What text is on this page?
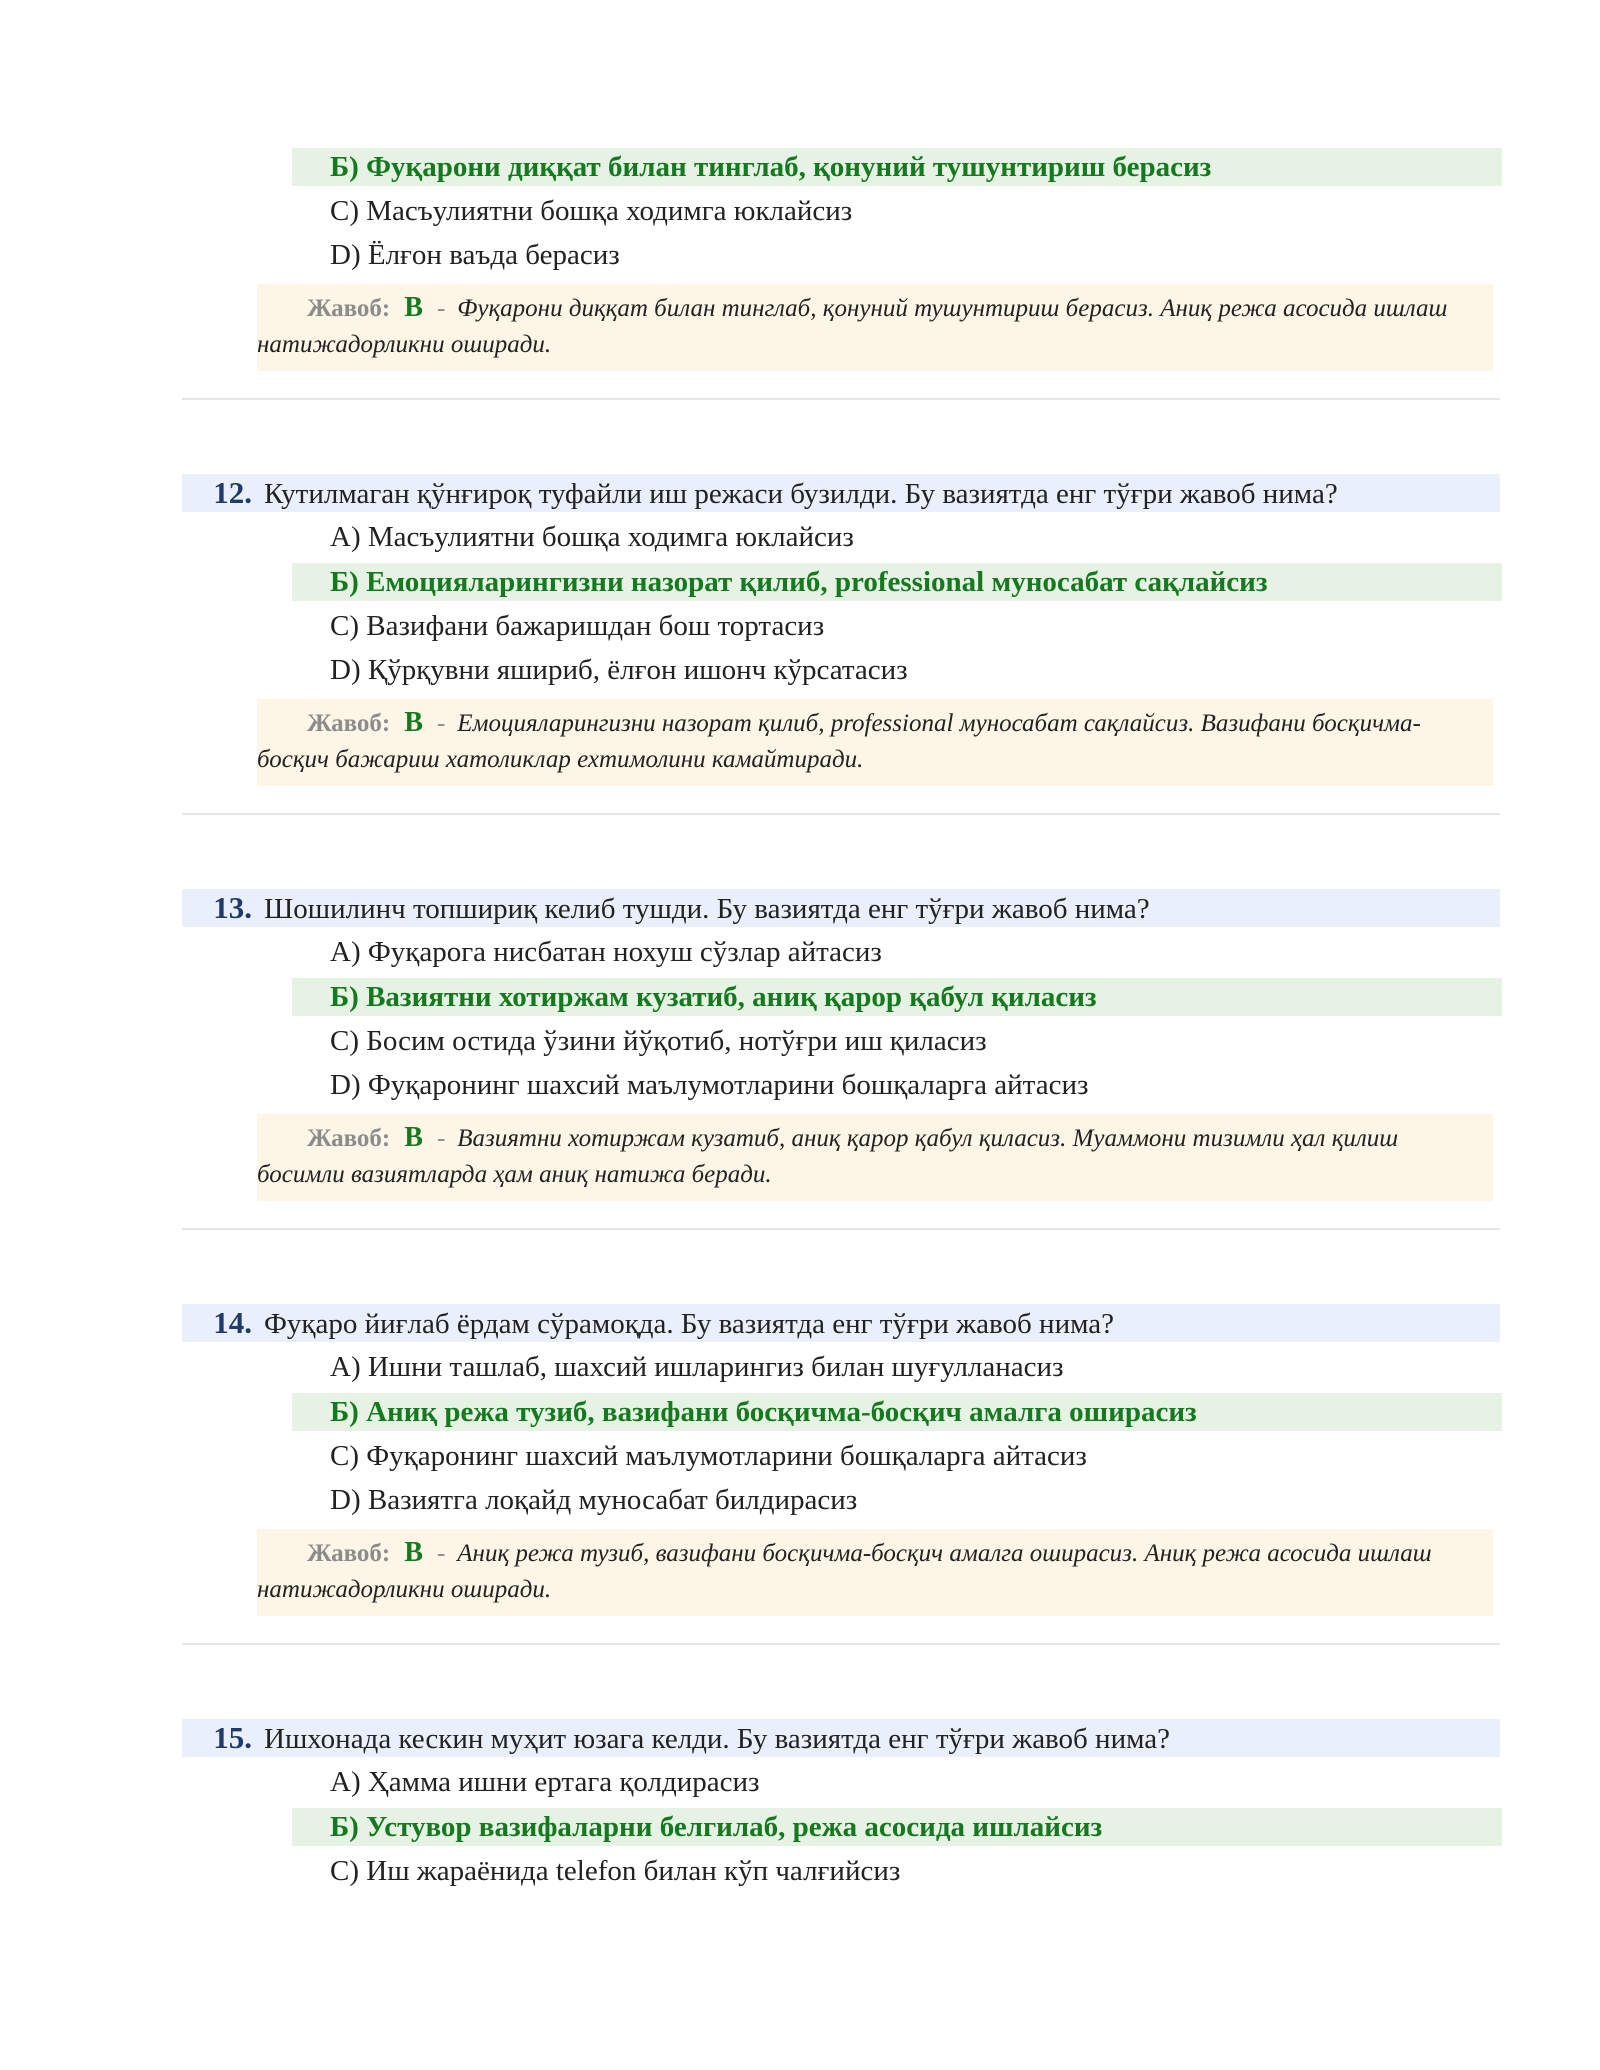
Б) Фуқарони диққат билан тинглаб, қонуний тушунтириш берасиз
C) Масъулиятни бошқа ходимга юклайсиз
D) Ёлғон ваъда берасиз
Жавоб: B - Фуқарони диққат билан тинглаб, қонуний тушунтириш берасиз. Аниқ режа асосида ишлаш натижадорликни оширади.
12. Кутилмаган қўнғироқ туфайли иш режаси бузилди. Бу вазиятда енг тўғри жавоб нима?
A) Масъулиятни бошқа ходимга юклайсиз
Б) Емоцияларингизни назорат қилиб, professional муносабат сақлайсиз
C) Вазифани бажаришдан бош тортасиз
D) Қўрқувни яшириб, ёлғон ишонч кўрсатасиз
Жавоб: B - Емоцияларингизни назорат қилиб, professional муносабат сақлайсиз. Вазифани босқичма-босқич бажариш хатоликлар ехтимолини камайтиради.
13. Шошилинч топшириқ келиб тушди. Бу вазиятда енг тўғри жавоб нима?
A) Фуқарога нисбатан нохуш сўзлар айтасиз
Б) Вазиятни хотиржам кузатиб, аниқ қарор қабул қиласиз
C) Босим остида ўзини йўқотиб, нотўғри иш қиласиз
D) Фуқаронинг шахсий маълумотларини бошқаларга айтасиз
Жавоб: B - Вазиятни хотиржам кузатиб, аниқ қарор қабул қиласиз. Муаммони тизимли ҳал қилиш босимли вазиятларда ҳам аниқ натижа беради.
14. Фуқаро йиғлаб ёрдам сўрамоқда. Бу вазиятда енг тўғри жавоб нима?
A) Ишни ташлаб, шахсий ишларингиз билан шуғулланасиз
Б) Аниқ режа тузиб, вазифани босқичма-босқич амалга оширасиз
C) Фуқаронинг шахсий маълумотларини бошқаларга айтасиз
D) Вазиятга лоқайд муносабат билдирасиз
Жавоб: B - Аниқ режа тузиб, вазифани босқичма-босқич амалга оширасиз. Аниқ режа асосида ишлаш натижадорликни оширади.
15. Ишхонада кескин муҳит юзага келди. Бу вазиятда енг тўғри жавоб нима?
A) Ҳамма ишни ертага қолдирасиз
Б) Устувор вазифаларни белгилаб, режа асосида ишлайсиз
C) Иш жараёнида telefon билан кўп чалғийсиз
